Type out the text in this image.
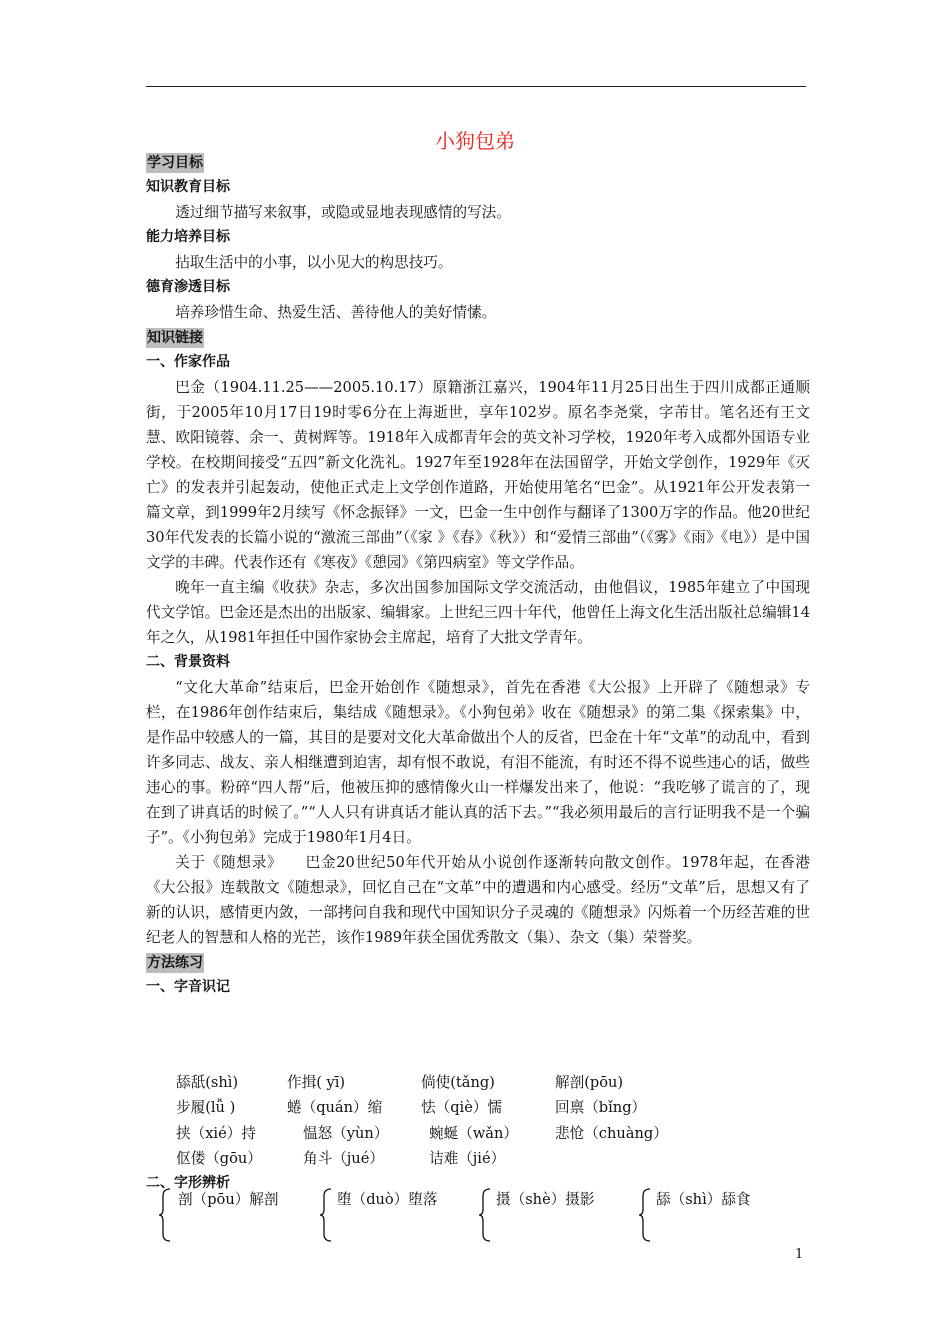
小狗包弟
学习目标
知识教育目标
透过细节描写来叙事，或隐或显地表现感情的写法。
能力培养目标
拈取生活中的小事，以小见大的构思技巧。
德育渗透目标
培养珍惜生命、热爱生活、善待他人的美好情愫。
知识链接
一、作家作品
巴金（1904.11.25——2005.10.17）原籍浙江嘉兴，1904年11月25日出生于四川成都正通顺街，于2005年10月17日19时零6分在上海逝世，享年102岁。原名李尧棠，字芾甘。笔名还有王文慧、欧阳镜蓉、余一、黄树辉等。1918年入成都青年会的英文补习学校，1920年考入成都外国语专业学校。在校期间接受“五四”新文化洗礼。1927年至1928年在法国留学，开始文学创作，1929年《灭亡》的发表并引起轰动，使他正式走上文学创作道路，开始使用笔名“巴金”。从1921年公开发表第一篇文章，到1999年2月续写《怀念振铎》一文，巴金一生中创作与翻译了1300万字的作品。他20世纪30年代发表的长篇小说的“激流三部曲”（《家 》《春》《秋》）和“爱情三部曲”（《雾》《雨》《电》）是中国文学的丰碑。代表作还有《寒夜》《憩园》《第四病室》等文学作品。
晚年一直主编《收获》杂志，多次出国参加国际文学交流活动，由他倡议，1985年建立了中国现代文学馆。巴金还是杰出的出版家、编辑家。上世纪三四十年代，他曾任上海文化生活出版社总编辑14年之久，从1981年担任中国作家协会主席起，培育了大批文学青年。
二、背景资料
“文化大革命”结束后，巴金开始创作《随想录》，首先在香港《大公报》上开辟了《随想录》专栏，在1986年创作结束后，集结成《随想录》。《小狗包弟》收在《随想录》的第二集《探索集》中，是作品中较感人的一篇，其目的是要对文化大革命做出个人的反省，巴金在十年“文革”的动乱中，看到许多同志、战友、亲人相继遭到迫害，却有恨不敢说，有泪不能流，有时还不得不说些违心的话，做些违心的事。粉碎“四人帮”后，他被压抑的感情像火山一样爆发出来了，他说：“我吃够了谎言的了，现在到了讲真话的时候了。”“人人只有讲真话才能认真的活下去。”“我必须用最后的言行证明我不是一个骗子”。《小狗包弟》完成于1980年1月4日。
关于《随想录》　　巴金20世纪50年代开始从小说创作逐渐转向散文创作。1978年起，在香港《大公报》连载散文《随想录》，回忆自己在“文革”中的遭遇和内心感受。经历“文革”后，思想又有了新的认识，感情更内敛，一部拷问自我和现代中国知识分子灵魂的《随想录》闪烁着一个历经苦难的世纪老人的智慧和人格的光芒，该作1989年获全国优秀散文（集）、杂文（集）荣誉奖。
方法练习
一、字音识记
舔舐(shì)	作揖( yī)	倘使(tǎng)	解剖(pōu)
步履(lǚ )	蜷（quán）缩	怯（qiè）懦	回禀（bǐng）
挟（xié）持	愠怒（yùn）	蜿蜒（wǎn）	悲怆（chuàng）
伛偻（gōu）	角斗（jué）	诘难（jié）
二、字形辨析
剖（pōu）解剖	堕（duò）堕落	摄（shè）摄影	舔（shì）舔食
1
